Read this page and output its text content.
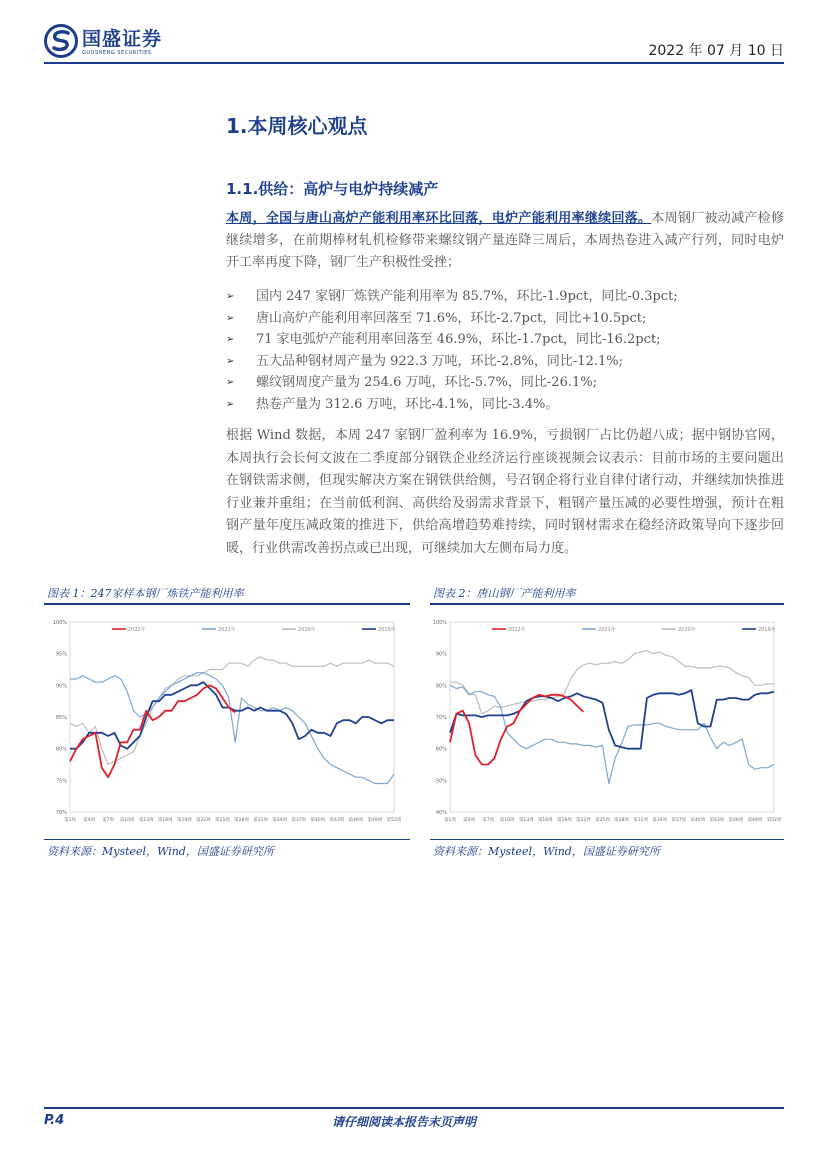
国盛证券
GUOSHENG SECURITIES	2022 年 07 月 10 日
1.本周核心观点
1.1.供给：高炉与电炉持续减产

本周，全国与唐山高炉产能利用率环比回落，电炉产能利用率继续回落。本周钢厂被动减产检修继续增多，在前期棒材轧机检修带来螺纹钢产量连降三周后，本周热卷进入减产行列，同时电炉开工率再度下降，钢厂生产积极性受挫；

➢ 国内 247 家钢厂炼铁产能利用率为 85.7%，环比-1.9pct，同比-0.3pct;
➢ 唐山高炉产能利用率回落至 71.6%，环比-2.7pct，同比+10.5pct;
➢ 71 家电弧炉产能利用率回落至 46.9%，环比-1.7pct，同比-16.2pct;
➢ 五大品种钢材周产量为 922.3 万吨，环比-2.8%，同比-12.1%;
➢ 螺纹钢周度产量为 254.6 万吨，环比-5.7%，同比-26.1%;
➢ 热卷产量为 312.6 万吨，环比-4.1%，同比-3.4%。

根据 Wind 数据，本周 247 家钢厂盈利率为 16.9%，亏损钢厂占比仍超八成；据中钢协官网，本周执行会长何文波在二季度部分钢铁企业经济运行座谈视频会议表示：目前市场的主要问题出在钢铁需求侧，但现实解决方案在钢铁供给侧，号召钢企将行业自律付诸行动，并继续加快推进行业兼并重组；在当前低利润、高供给及弱需求背景下，粗钢产量压减的必要性增强，预计在粗钢产量年度压减政策的推进下，供给高增趋势难持续，同时钢材需求在稳经济政策导向下逐步回暖，行业供需改善拐点或已出现，可继续加大左侧布局力度。

图表 1：247家样本钢厂炼铁产能利用率
70%
75%
80%
85%
90%
95%
100%
第1周 第4周 第7周 第10周 第13周 第16周 第19周 第22周 第25周 第28周 第31周 第34周 第37周 第40周 第43周 第46周 第49周 第52周
2022年	2021年	2020年	2019年
资料来源：Mysteel，Wind，国盛证券研究所
图表 2：唐山钢厂产能利用率
40%
50%
60%
70%
80%
90%
100%
第1周 第4周 第7周 第10周 第13周 第16周 第19周 第22周 第25周 第28周 第31周 第34周 第37周 第40周 第43周 第46周 第49周 第52周
2022年	2021年	2020年	2019年
资料来源：Mysteel，Wind，国盛证券研究所
P.4	请仔细阅读本报告末页声明
